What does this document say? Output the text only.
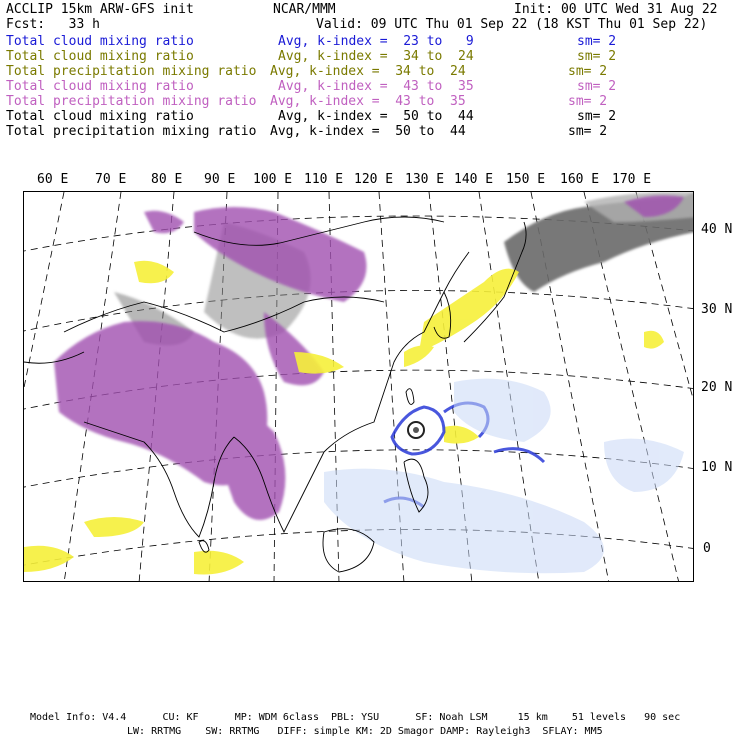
ACCLIP 15km ARW-GFS init	NCAR/MMM	Init: 00 UTC Wed 31 Aug 22
Fcst:   33 h	Valid: 09 UTC Thu 01 Sep 22 (18 KST Thu 01 Sep 22)
Total cloud mixing ratio	Avg, k-index =  23 to   9	sm= 2
Total cloud mixing ratio	Avg, k-index =  34 to  24	sm= 2
Total precipitation mixing ratio Avg, k-index =  34 to  24	sm= 2
Total cloud mixing ratio	Avg, k-index =  43 to  35	sm= 2
Total precipitation mixing ratio Avg, k-index =  43 to  35	sm= 2
Total cloud mixing ratio	Avg, k-index =  50 to  44	sm= 2
Total precipitation mixing ratio Avg, k-index =  50 to  44	sm= 2
60 E 70 E 80 E 90 E 100 E 110 E 120 E 130 E 140 E 150 E 160 E 170 E
40 N
30 N
20 N
10 N
0
Model Info: V4.4      CU: KF      MP: WDM 6class  PBL: YSU      SF: Noah LSM     15 km    51 levels   90 sec
LW: RRTMG    SW: RRTMG   DIFF: simple KM: 2D Smagor DAMP: Rayleigh3  SFLAY: MM5
